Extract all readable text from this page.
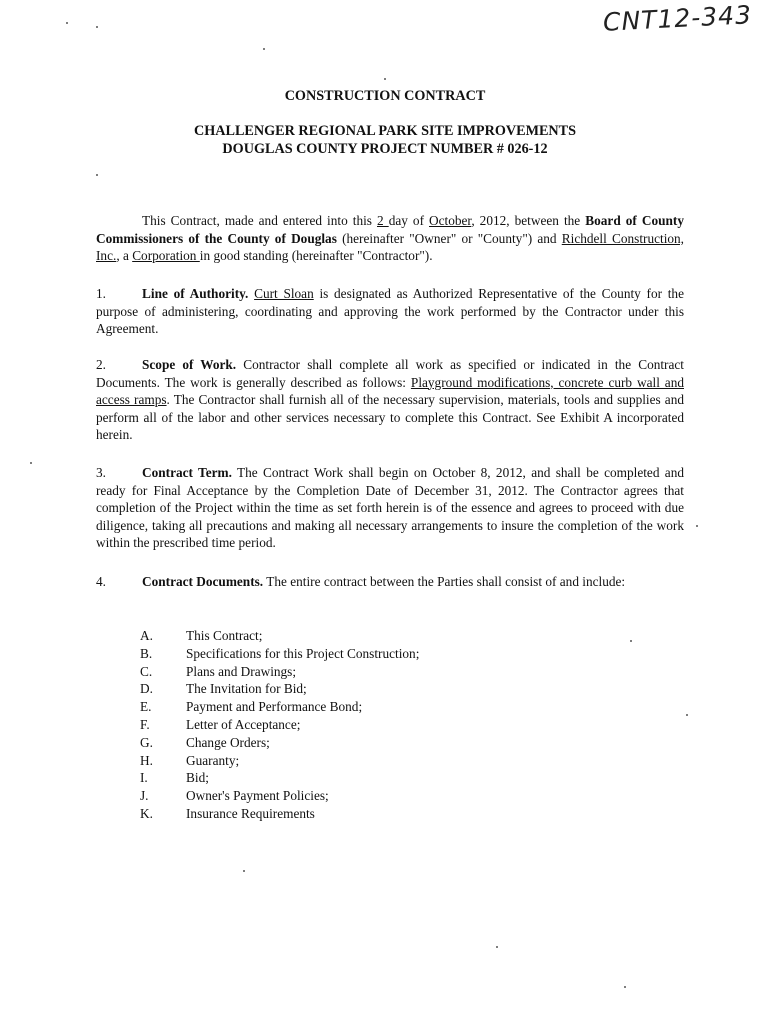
CNT12-343
CONSTRUCTION CONTRACT
CHALLENGER REGIONAL PARK SITE IMPROVEMENTS
DOUGLAS COUNTY PROJECT NUMBER # 026-12
This Contract, made and entered into this 2 day of October, 2012, between the Board of County Commissioners of the County of Douglas (hereinafter "Owner" or "County") and Richdell Construction, Inc., a Corporation in good standing (hereinafter "Contractor").
1.	Line of Authority. Curt Sloan is designated as Authorized Representative of the County for the purpose of administering, coordinating and approving the work performed by the Contractor under this Agreement.
2.	Scope of Work. Contractor shall complete all work as specified or indicated in the Contract Documents. The work is generally described as follows: Playground modifications, concrete curb wall and access ramps. The Contractor shall furnish all of the necessary supervision, materials, tools and supplies and perform all of the labor and other services necessary to complete this Contract. See Exhibit A incorporated herein.
3.	Contract Term. The Contract Work shall begin on October 8, 2012, and shall be completed and ready for Final Acceptance by the Completion Date of December 31, 2012. The Contractor agrees that completion of the Project within the time as set forth herein is of the essence and agrees to proceed with due diligence, taking all precautions and making all necessary arrangements to insure the completion of the work within the prescribed time period.
4.	Contract Documents. The entire contract between the Parties shall consist of and include:
A.	This Contract;
B.	Specifications for this Project Construction;
C.	Plans and Drawings;
D.	The Invitation for Bid;
E.	Payment and Performance Bond;
F.	Letter of Acceptance;
G.	Change Orders;
H.	Guaranty;
I.	Bid;
J.	Owner's Payment Policies;
K.	Insurance Requirements
